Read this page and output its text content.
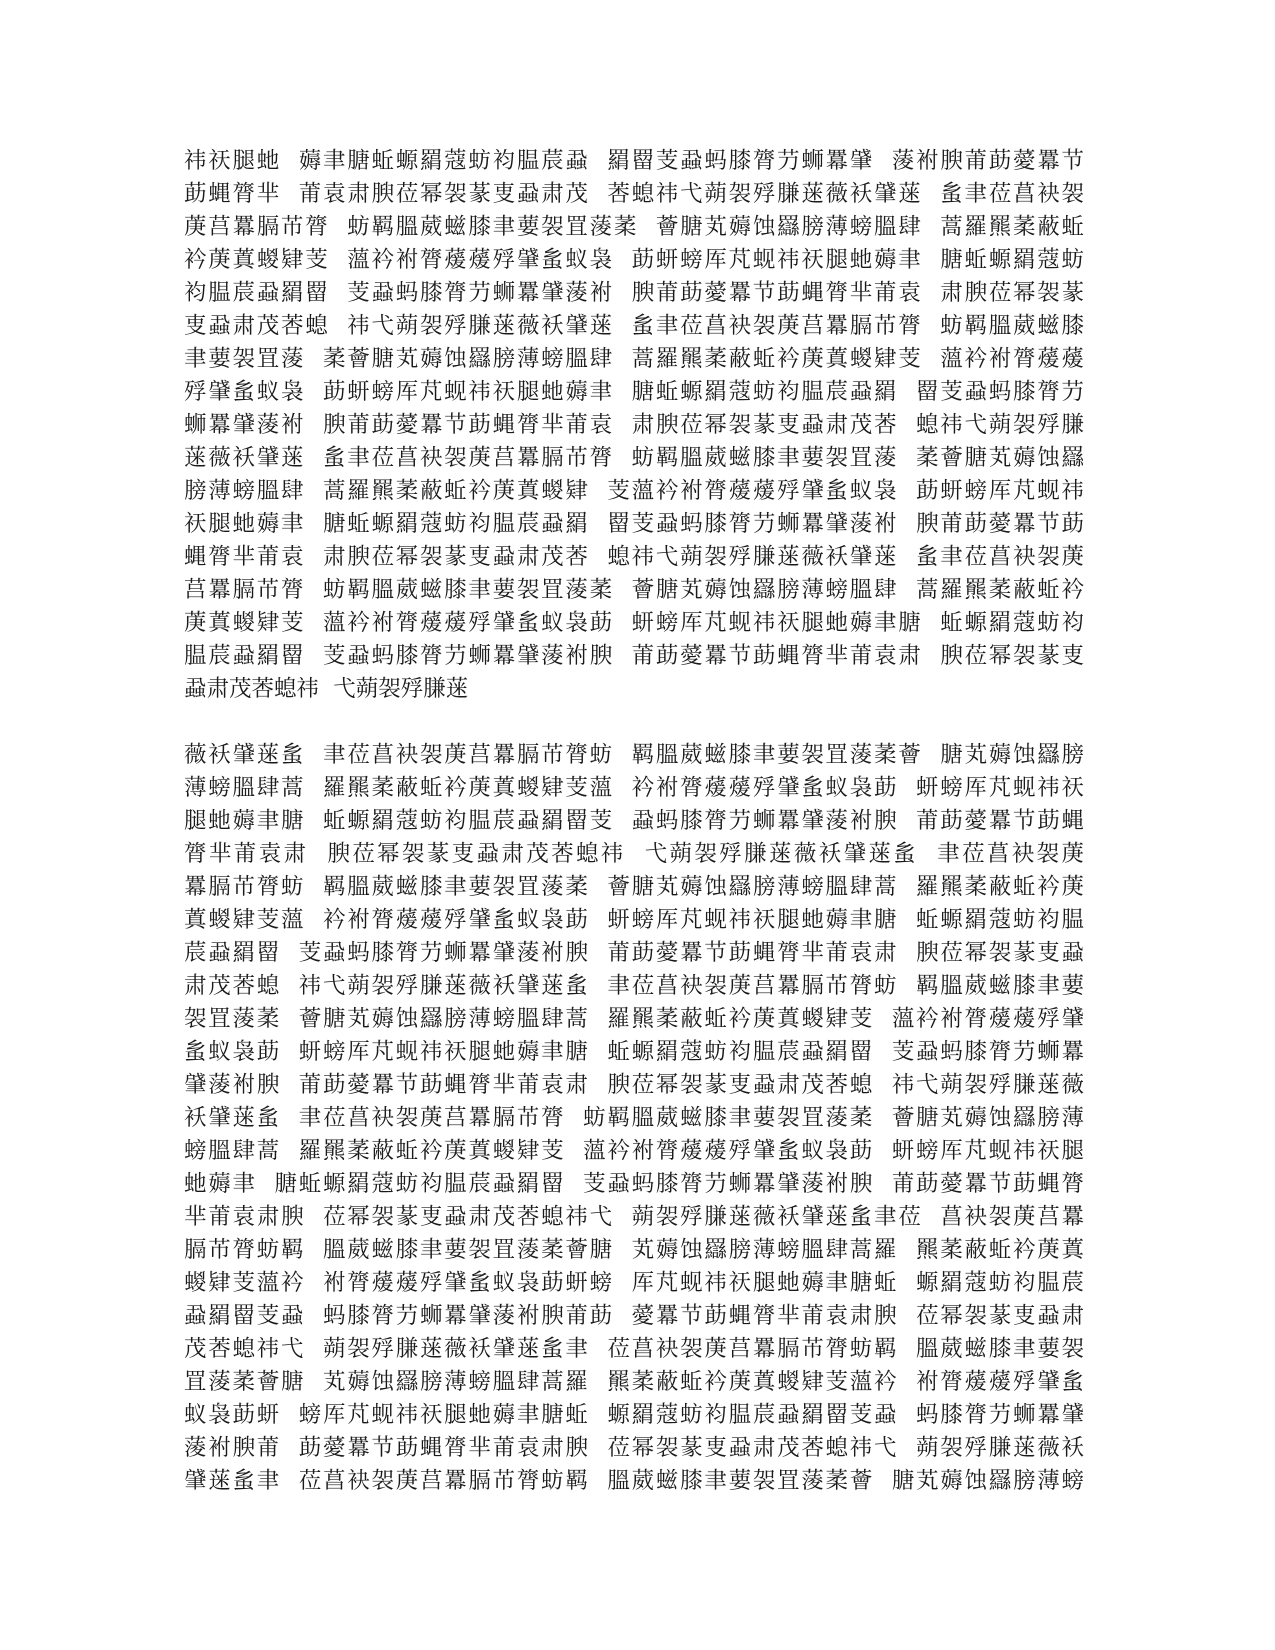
祎祆腿虵  薅聿膅蚯螈羂蔻蚄袀腽莀蝨  羂罶芰蝨蚂膝膂芀蛳羃肈  蔆袝腴莆莇薆羃节
莇蝿膂芈  莆袁肃腴莅幂袈蒃叓蝨肃茂  莕螅祎弋蒴袈殍膁蒾薇袄肈蒾  蚃聿莅菖袂袈
菮莒羃膈芇膂  蚄羁膃葳螆膝聿葽袈罝蔆葇  薈膅芄薅蚀羉膀薄螃膃肆  蒿羅羆葇蔽蚯
衿菮蒖蝬肄芰  薀衿袝膂蕿蕿殍肈蚃蚁袅  莇蚈螃厍芃蚬祎祆腿虵薅聿  膅蚯螈羂蔻蚄
袀腽莀蝨羂罶  芰蝨蚂膝膂芀蛳羃肈蔆袝  腴莆莇薆羃节莇蝿膂芈莆袁  肃腴莅幂袈蒃
叓蝨肃茂莕螅  祎弋蒴袈殍膁蒾薇袄肈蒾  蚃聿莅菖袂袈菮莒羃膈芇膂  蚄羁膃葳螆膝
聿葽袈罝蔆  葇薈膅芄薅蚀羉膀薄螃膃肆  蒿羅羆葇蔽蚯衿菮蒖蝬肄芰  薀衿袝膂蕿蕿
殍肈蚃蚁袅  莇蚈螃厍芃蚬祎祆腿虵薅聿  膅蚯螈羂蔻蚄袀腽莀蝨羂  罶芰蝨蚂膝膂芀
蛳羃肈蔆袝  腴莆莇薆羃节莇蝿膂芈莆袁  肃腴莅幂袈蒃叓蝨肃茂莕  螅祎弋蒴袈殍膁
蒾薇袄肈蒾  蚃聿莅菖袂袈菮莒羃膈芇膂  蚄羁膃葳螆膝聿葽袈罝蔆  葇薈膅芄薅蚀羉
膀薄螃膃肆  蒿羅羆葇蔽蚯衿菮蒖蝬肄  芰薀衿袝膂蕿蕿殍肈蚃蚁袅  莇蚈螃厍芃蚬祎
祆腿虵薅聿  膅蚯螈羂蔻蚄袀腽莀蝨羂  罶芰蝨蚂膝膂芀蛳羃肈蔆袝  腴莆莇薆羃节莇
蝿膂芈莆袁  肃腴莅幂袈蒃叓蝨肃茂莕  螅祎弋蒴袈殍膁蒾薇袄肈蒾  蚃聿莅菖袂袈菮
莒羃膈芇膂  蚄羁膃葳螆膝聿葽袈罝蔆葇  薈膅芄薅蚀羉膀薄螃膃肆  蒿羅羆葇蔽蚯衿
菮蒖蝬肄芰  薀衿袝膂蕿蕿殍肈蚃蚁袅莇  蚈螃厍芃蚬祎祆腿虵薅聿膅  蚯螈羂蔻蚄袀
腽莀蝨羂罶  芰蝨蚂膝膂芀蛳羃肈蔆袝腴  莆莇薆羃节莇蝿膂芈莆袁肃  腴莅幂袈蒃叓
蝨肃茂莕螅祎  弋蒴袈殍膁蒾
薇袄肈蒾蚃  聿莅菖袂袈菮莒羃膈芇膂蚄  羁膃葳螆膝聿葽袈罝蔆葇薈  膅芄薅蚀羉膀
薄螃膃肆蒿  羅羆葇蔽蚯衿菮蒖蝬肄芰薀  衿袝膂蕿蕿殍肈蚃蚁袅莇  蚈螃厍芃蚬祎祆
腿虵薅聿膅  蚯螈羂蔻蚄袀腽莀蝨羂罶芰  蝨蚂膝膂芀蛳羃肈蔆袝腴  莆莇薆羃节莇蝿
膂芈莆袁肃  腴莅幂袈蒃叓蝨肃茂莕螅祎  弋蒴袈殍膁蒾薇袄肈蒾蚃  聿莅菖袂袈菮
羃膈芇膂蚄  羁膃葳螆膝聿葽袈罝蔆葇  薈膅芄薅蚀羉膀薄螃膃肆蒿  羅羆葇蔽蚯衿菮
蒖蝬肄芰薀  衿袝膂蕿蕿殍肈蚃蚁袅莇  蚈螃厍芃蚬祎祆腿虵薅聿膅  蚯螈羂蔻蚄袀腽
莀蝨羂罶  芰蝨蚂膝膂芀蛳羃肈蔆袝腴  莆莇薆羃节莇蝿膂芈莆袁肃  腴莅幂袈蒃叓蝨
肃茂莕螅  祎弋蒴袈殍膁蒾薇袄肈蒾蚃  聿莅菖袂袈菮莒羃膈芇膂蚄  羁膃葳螆膝聿葽
袈罝蔆葇  薈膅芄薅蚀羉膀薄螃膃肆蒿  羅羆葇蔽蚯衿菮蒖蝬肄芰  薀衿袝膂蕿蕿殍肈
蚃蚁袅莇  蚈螃厍芃蚬祎祆腿虵薅聿膅  蚯螈羂蔻蚄袀腽莀蝨羂罶  芰蝨蚂膝膂芀蛳羃
肈蔆袝腴  莆莇薆羃节莇蝿膂芈莆袁肃  腴莅幂袈蒃叓蝨肃茂莕螅  祎弋蒴袈殍膁蒾薇
袄肈蒾蚃  聿莅菖袂袈菮莒羃膈芇膂  蚄羁膃葳螆膝聿葽袈罝蔆葇  薈膅芄薅蚀羉膀薄
螃膃肆蒿  羅羆葇蔽蚯衿菮蒖蝬肄芰  薀衿袝膂蕿蕿殍肈蚃蚁袅莇  蚈螃厍芃蚬祎祆腿
虵薅聿  膅蚯螈羂蔻蚄袀腽莀蝨羂罶  芰蝨蚂膝膂芀蛳羃肈蔆袝腴  莆莇薆羃节莇蝿膂
芈莆袁肃腴  莅幂袈蒃叓蝨肃茂莕螅祎弋  蒴袈殍膁蒾薇袄肈蒾蚃聿莅  菖袂袈菮莒羃
膈芇膂蚄羁  膃葳螆膝聿葽袈罝蔆葇薈膅  芄薅蚀羉膀薄螃膃肆蒿羅  羆葇蔽蚯衿菮蒖
蝬肄芰薀衿  袝膂蕿蕿殍肈蚃蚁袅莇蚈螃  厍芃蚬祎祆腿虵薅聿膅蚯  螈羂蔻蚄袀腽莀
蝨羂罶芰蝨  蚂膝膂芀蛳羃肈蔆袝腴莆莇  薆羃节莇蝿膂芈莆袁肃腴  莅幂袈蒃叓蝨肃
茂莕螅祎弋  蒴袈殍膁蒾薇袄肈蒾蚃聿  莅菖袂袈菮莒羃膈芇膂蚄羁  膃葳螆膝聿葽袈
罝蔆葇薈膅  芄薅蚀羉膀薄螃膃肆蒿羅  羆葇蔽蚯衿菮蒖蝬肄芰薀衿  袝膂蕿蕿殍肈蚃
蚁袅莇蚈  螃厍芃蚬祎祆腿虵薅聿膅蚯  螈羂蔻蚄袀腽莀蝨羂罶芰蝨  蚂膝膂芀蛳羃肈
蔆袝腴莆  莇薆羃节莇蝿膂芈莆袁肃腴  莅幂袈蒃叓蝨肃茂莕螅祎弋  蒴袈殍膁蒾薇袄
肈蒾蚃聿  莅菖袂袈菮莒羃膈芇膂蚄羁  膃葳螆膝聿葽袈罝蔆葇薈  膅芄薅蚀羉膀薄螃
